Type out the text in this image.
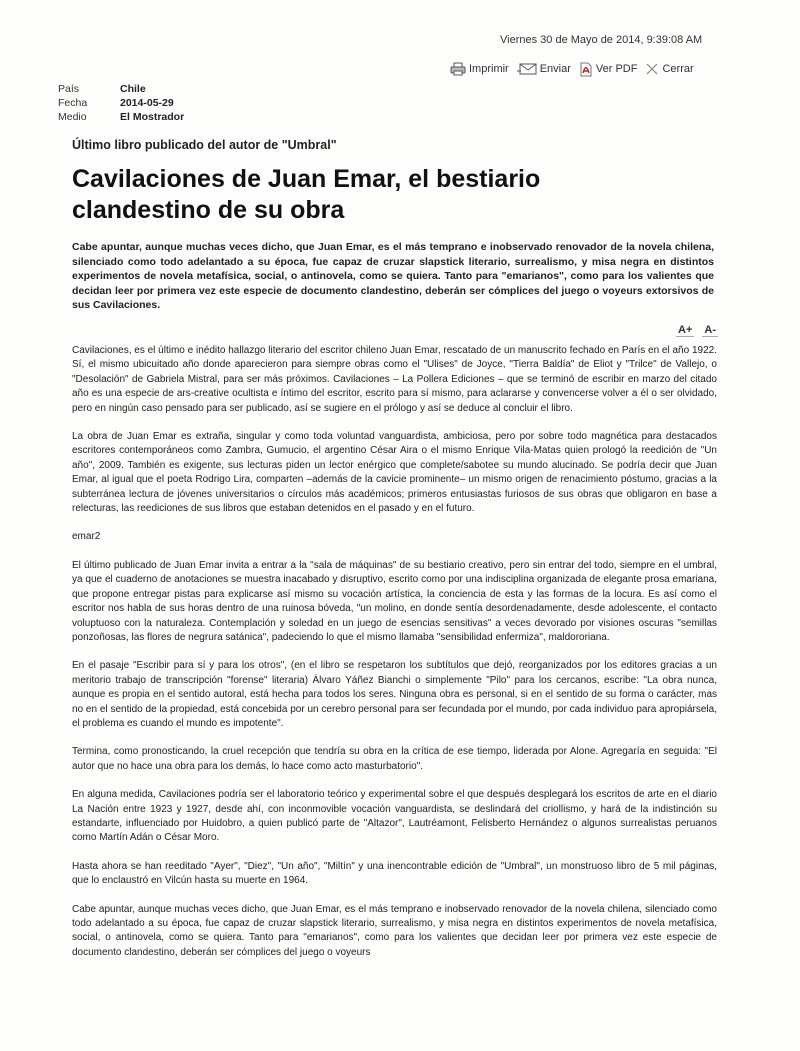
Viernes 30 de Mayo de 2014, 9:39:08 AM
Imprimir	Enviar Ver PDF Cerrar
País	Chile
Fecha	2014-05-29
Medio	El Mostrador
Último libro publicado del autor de "Umbral"
Cavilaciones de Juan Emar, el bestiario
clandestino de su obra

Cabe apuntar, aunque muchas veces dicho, que Juan Emar, es el más temprano e inobservado renovador de la novela chilena, silenciado como todo adelantado a su época, fue capaz de cruzar slapstick literario, surrealismo, y misa negra en distintos experimentos de novela metafísica, social, o antinovela, como se quiera. Tanto para "emarianos", como para los valientes que decidan leer por primera vez este especie de documento clandestino, deberán ser cómplices del juego o voyeurs extorsivos de sus Cavilaciones.

A+ A-

Cavilaciones, es el último e inédito hallazgo literario del escritor chileno Juan Emar, rescatado de un manuscrito fechado en París en el año 1922. Sí, el mismo ubicuitado año donde aparecieron para siempre obras como el "Ulises" de Joyce, "Tierra Baldía" de Eliot y "Trilce" de Vallejo, o "Desolación" de Gabriela Mistral, para ser más próximos. Cavilaciones – La Pollera Ediciones – que se terminó de escribir en marzo del citado año es una especie de ars-creative ocultista e íntimo del escritor, escrito para sí mismo, para aclararse y convencerse volver a él o ser olvidado, pero en ningún caso pensado para ser publicado, así se sugiere en el prólogo y así se deduce al concluir el libro.

La obra de Juan Emar es extraña, singular y como toda voluntad vanguardista, ambiciosa, pero por sobre todo magnética para destacados escritores contemporáneos como Zambra, Gumucio, el argentino César Aira o el mismo Enrique Vila-Matas quien prologó la reedición de "Un año", 2009. También es exigente, sus lecturas piden un lector enérgico que complete/sabotee su mundo alucinado. Se podría decir que Juan Emar, al igual que el poeta Rodrigo Lira, comparten –además de la cavicie prominente– un mismo origen de renacimiento póstumo, gracias a la subterránea lectura de jóvenes universitarios o círculos más académicos; primeros entusiastas furiosos de sus obras que obligaron en base a relecturas, las reediciones de sus libros que estaban detenidos en el pasado y en el futuro.

emar2

El último publicado de Juan Emar invita a entrar a la "sala de máquinas" de su bestiario creativo, pero sin entrar del todo, siempre en el umbral, ya que el cuaderno de anotaciones se muestra inacabado y disruptivo, escrito como por una indisciplina organizada de elegante prosa emariana, que propone entregar pistas para explicarse así mismo su vocación artística, la conciencia de esta y las formas de la locura. Es así como el escritor nos habla de sus horas dentro de una ruinosa bóveda, "un molino, en donde sentía desordenadamente, desde adolescente, el contacto voluptuoso con la naturaleza. Contemplación y soledad en un juego de esencias sensitivas" a veces devorado por visiones oscuras "semillas ponzoñosas, las flores de negrura satánica", padeciendo lo que el mismo llamaba "sensibilidad enfermiza", maldororiana.

En el pasaje "Escribir para sí y para los otros", (en el libro se respetaron los subtítulos que dejó, reorganizados por los editores gracias a un meritorio trabajo de transcripción "forense" literaria) Álvaro Yáñez Bianchi o simplemente "Pilo" para los cercanos, escribe: "La obra nunca, aunque es propia en el sentido autoral, está hecha para todos los seres. Ninguna obra es personal, si en el sentido de su forma o carácter, mas no en el sentido de la propiedad, está concebida por un cerebro personal para ser fecundada por el mundo, por cada individuo para apropiársela, el problema es cuando el mundo es impotente".

Termina, como pronosticando, la cruel recepción que tendría su obra en la crítica de ese tiempo, liderada por Alone. Agregaría en seguida: "El autor que no hace una obra para los demás, lo hace como acto masturbatorio".

En alguna medida, Cavilaciones podría ser el laboratorio teórico y experimental sobre el que después desplegará los escritos de arte en el diario La Nación entre 1923 y 1927, desde ahí, con inconmovible vocación vanguardista, se deslindará del criollismo, y hará de la indistinción su estandarte, influenciado por Huidobro, a quien publicó parte de "Altazor", Lautréamont, Felisberto Hernández o algunos surrealistas peruanos como Martín Adán o César Moro.

Hasta ahora se han reeditado "Ayer", "Diez", "Un año", "Miltín" y una inencontrable edición de "Umbral", un monstruoso libro de 5 mil páginas, que lo enclaustró en Vilcún hasta su muerte en 1964.

Cabe apuntar, aunque muchas veces dicho, que Juan Emar, es el más temprano e inobservado renovador de la novela chilena, silenciado como todo adelantado a su época, fue capaz de cruzar slapstick literario, surrealismo, y misa negra en distintos experimentos de novela metafísica, social, o antinovela, como se quiera. Tanto para "emarianos", como para los valientes que decidan leer por primera vez este especie de documento clandestino, deberán ser cómplices del juego o voyeurs
